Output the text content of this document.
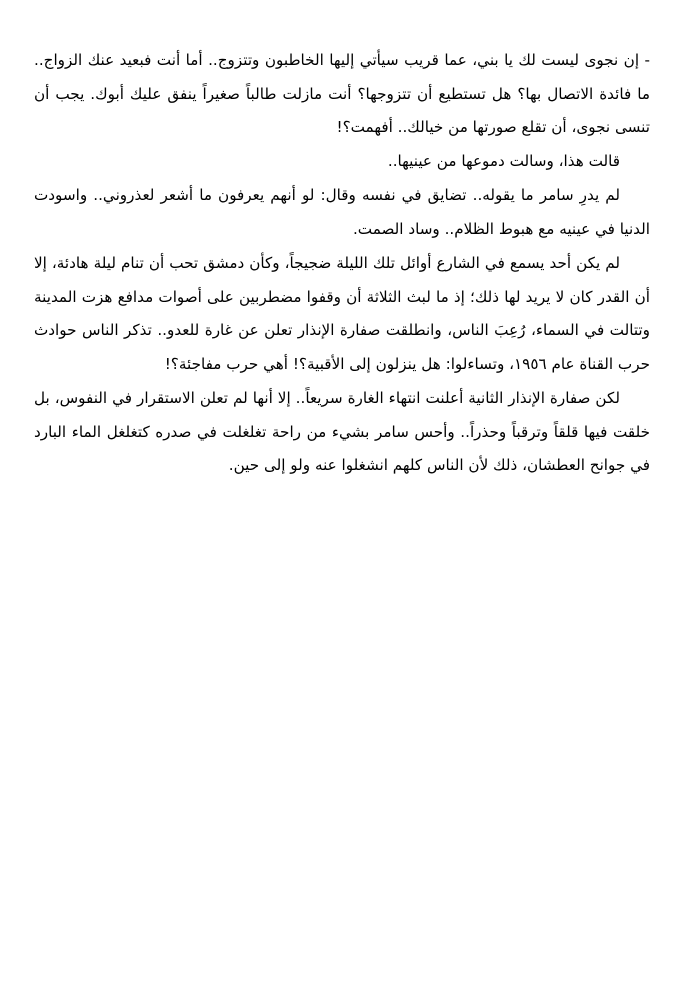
- إن نجوى ليست لك يا بني، عما قريب سيأتي إليها الخاطبون وتتزوج.. أما أنت فبعيد عنك الزواج.. ما فائدة الاتصال بها؟ هل تستطيع أن تتزوجها؟ أنت مازلت طالباً صغيراً ينفق عليك أبوك. يجب أن تنسى نجوى، أن تقلع صورتها من خيالك.. أفهمت؟!

قالت هذا، وسالت دموعها من عينيها..

لم يدرِ سامر ما يقوله.. تضايق في نفسه وقال: لو أنهم يعرفون ما أشعر لعذروني.. واسودت الدنيا في عينيه مع هبوط الظلام.. وساد الصمت.

لم يكن أحد يسمع في الشارع أوائل تلك الليلة ضجيجاً، وكأن دمشق تحب أن تنام ليلة هادئة، إلا أن القدر كان لا يريد لها ذلك؛ إذ ما لبث الثلاثة أن وقفوا مضطربين على أصوات مدافع هزت المدينة وتتالت في السماء، رُعِبَ الناس، وانطلقت صفارة الإنذار تعلن عن غارة للعدو.. تذكر الناس حوادث حرب القناة عام ١٩٥٦، وتساءلوا: هل ينزلون إلى الأقبية؟! أهي حرب مفاجئة؟!

لكن صفارة الإنذار الثانية أعلنت انتهاء الغارة سريعاً.. إلا أنها لم تعلن الاستقرار في النفوس، بل خلقت فيها قلقاً وترقباً وحذراً.. وأحس سامر بشيء من راحة تغلغلت في صدره كتغلغل الماء البارد في جوانح العطشان، ذلك لأن الناس كلهم انشغلوا عنه ولو إلى حين.
